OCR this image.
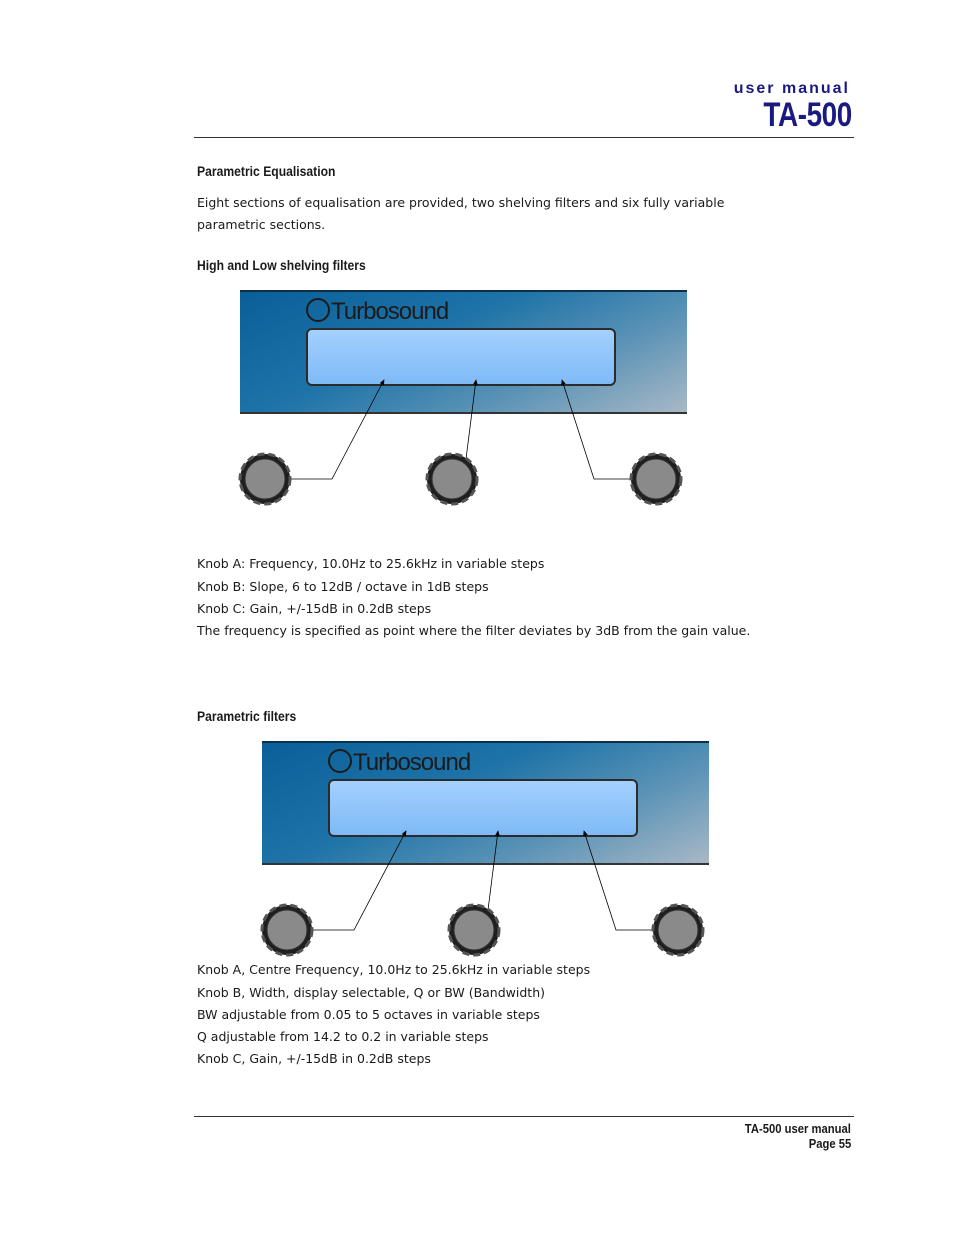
user manual
TA-500
Parametric Equalisation
Eight sections of equalisation are provided, two shelving filters and six fully variable
parametric sections.
High and Low shelving filters
Turbosound
Turbosound
Knob A: Frequency, 10.0Hz to 25.6kHz in variable steps
Knob B: Slope, 6 to 12dB / octave in 1dB steps
Knob C: Gain, +/-15dB in 0.2dB steps
The frequency is specified as point where the filter deviates by 3dB from the gain value.
Parametric filters
Knob A, Centre Frequency, 10.0Hz to 25.6kHz in variable steps
Knob B, Width, display selectable, Q or BW (Bandwidth)
BW adjustable from 0.05 to 5 octaves in variable steps
Q adjustable from 14.2 to 0.2 in variable steps
Knob C, Gain, +/-15dB in 0.2dB steps
TA-500 user manual
Page 55
